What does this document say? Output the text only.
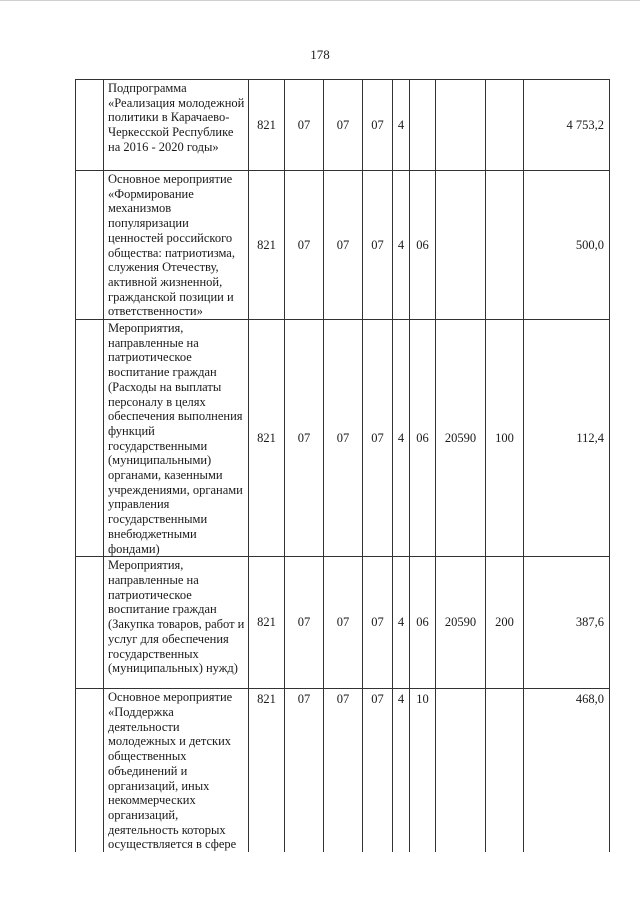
178
	Подпрограмма «Реализация молодежной политики в Карачаево-Черкесской Республике на 2016 - 2020 годы»	821	07	07	07	4				4 753,2
	Основное мероприятие «Формирование механизмов популяризации ценностей российского общества: патриотизма, служения Отечеству, активной жизненной, гражданской позиции и ответственности»	821	07	07	07	4	06			500,0
	Мероприятия, направленные на патриотическое воспитание граждан (Расходы на выплаты персоналу в целях обеспечения выполнения функций государственными (муниципальными) органами, казенными учреждениями, органами управления государственными внебюджетными фондами)	821	07	07	07	4	06	20590	100	112,4
	Мероприятия, направленные на патриотическое воспитание граждан (Закупка товаров, работ и услуг для обеспечения государственных (муниципальных) нужд)	821	07	07	07	4	06	20590	200	387,6
	Основное мероприятие «Поддержка деятельности молодежных и детских общественных объединений и организаций, иных некоммерческих организаций, деятельность которых осуществляется в сфере	821	07	07	07	4	10			468,0
